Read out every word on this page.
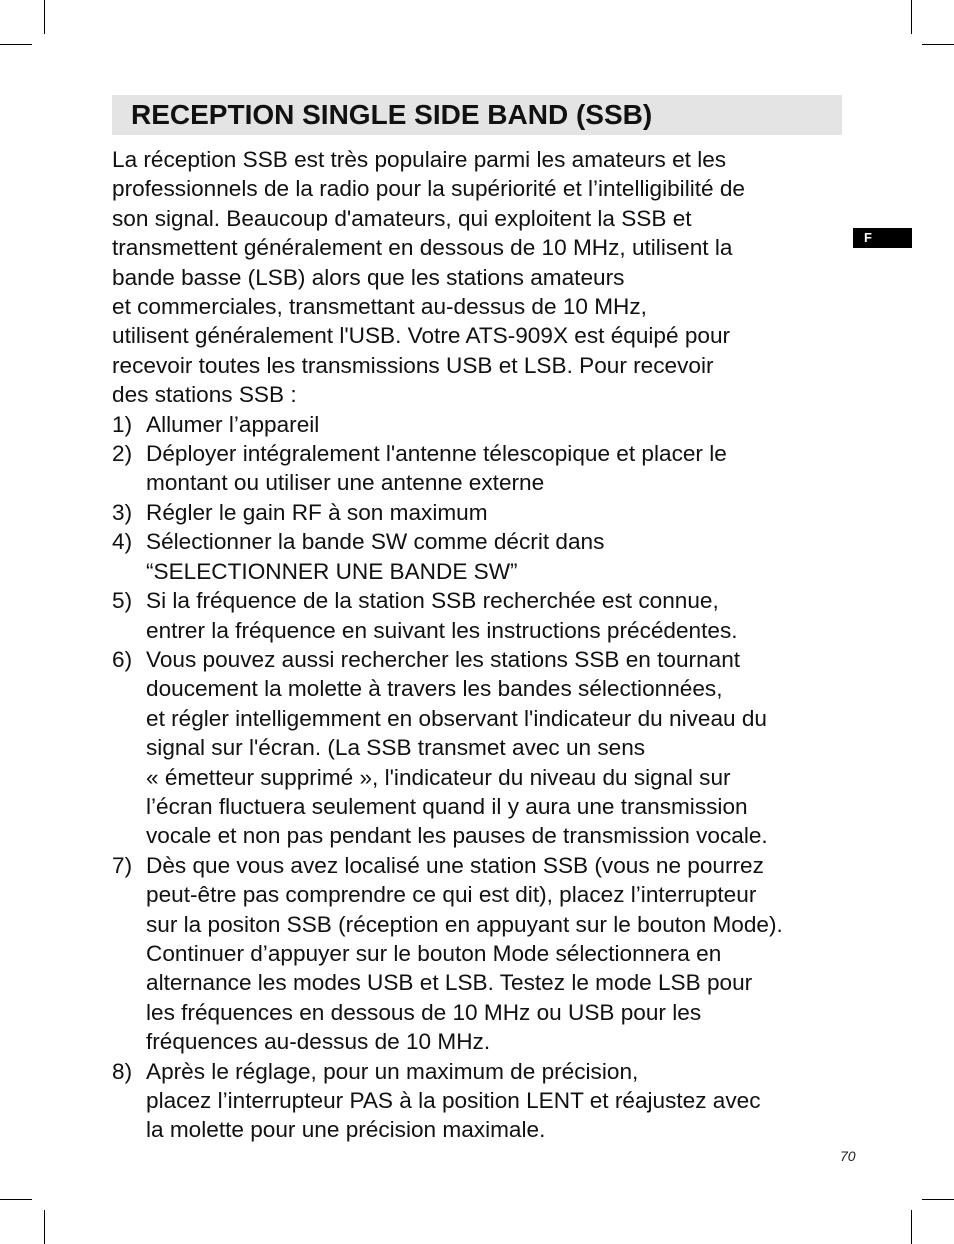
RECEPTION SINGLE SIDE BAND (SSB)
F
La réception SSB est très populaire parmi les amateurs et les
professionnels de la radio pour la supériorité et l’intelligibilité de
son signal. Beaucoup d'amateurs, qui exploitent la SSB et
transmettent généralement en dessous de 10 MHz, utilisent la
bande basse (LSB) alors que les stations amateurs
et commerciales, transmettant au-dessus de 10 MHz,
utilisent généralement l'USB. Votre ATS-909X est équipé pour
recevoir toutes les transmissions USB et LSB. Pour recevoir
des stations SSB :
1) Allumer l’appareil
2) Déployer intégralement l'antenne télescopique et placer le
montant ou utiliser une antenne externe
3) Régler le gain RF à son maximum
4) Sélectionner la bande SW comme décrit dans
“SELECTIONNER UNE BANDE SW”
5) Si la fréquence de la station SSB recherchée est connue,
entrer la fréquence en suivant les instructions précédentes.
6) Vous pouvez aussi rechercher les stations SSB en tournant
doucement la molette à travers les bandes sélectionnées,
et régler intelligemment en observant l'indicateur du niveau du
signal sur l'écran. (La SSB transmet avec un sens
« émetteur supprimé », l'indicateur du niveau du signal sur
l’écran fluctuera seulement quand il y aura une transmission
vocale et non pas pendant les pauses de transmission vocale.
7) Dès que vous avez localisé une station SSB (vous ne pourrez
peut-être pas comprendre ce qui est dit), placez l’interrupteur
sur la positon SSB (réception en appuyant sur le bouton Mode).
Continuer d’appuyer sur le bouton Mode sélectionnera en
alternance les modes USB et LSB. Testez le mode LSB pour
les fréquences en dessous de 10 MHz ou USB pour les
fréquences au-dessus de 10 MHz.
8) Après le réglage, pour un maximum de précision,
placez l’interrupteur PAS à la position LENT et réajustez avec
la molette pour une précision maximale.
70
